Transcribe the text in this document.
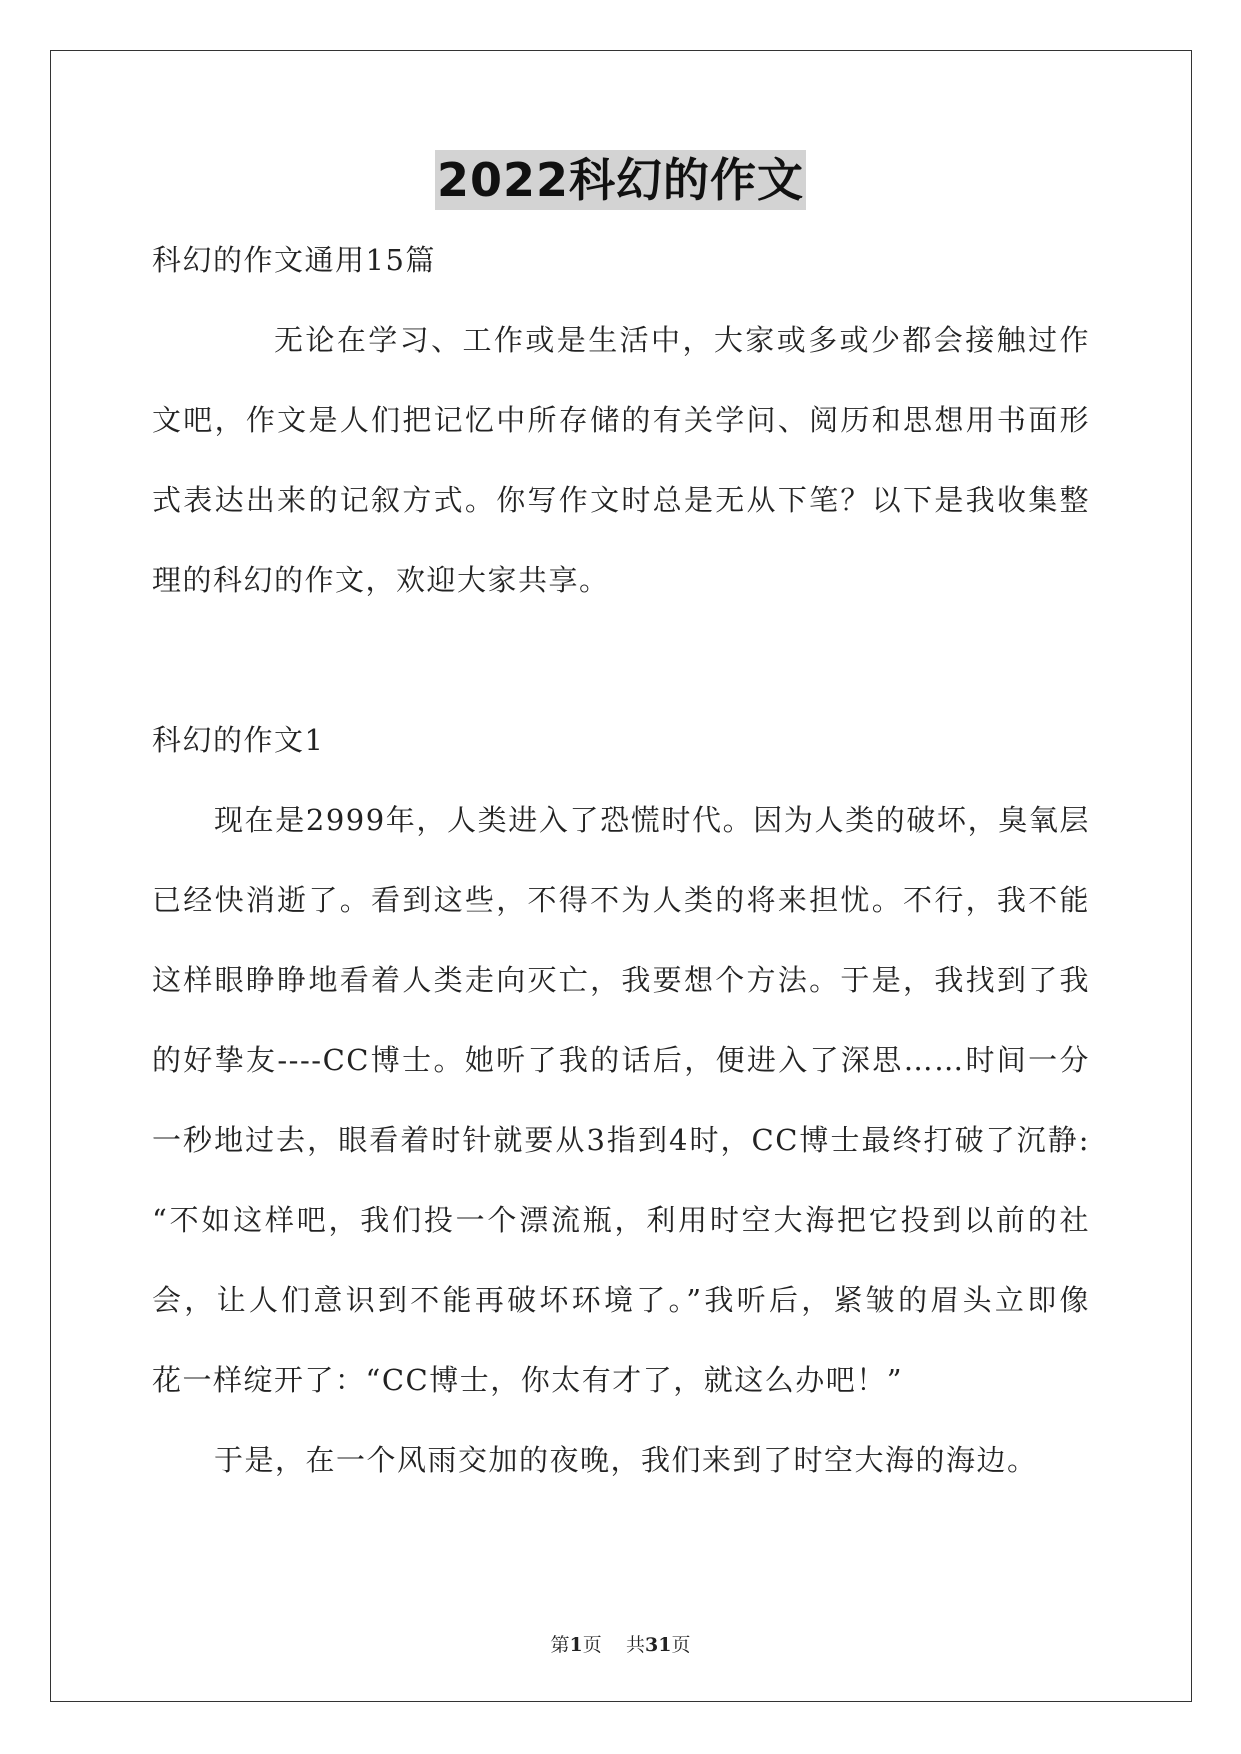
2022科幻的作文
科幻的作文通用15篇
无论在学习、工作或是生活中，大家或多或少都会接触过作
文吧，作文是人们把记忆中所存储的有关学问、阅历和思想用书面形
式表达出来的记叙方式。你写作文时总是无从下笔？以下是我收集整
理的科幻的作文，欢迎大家共享。
科幻的作文1
现在是2999年，人类进入了恐慌时代。因为人类的破坏，臭氧层
已经快消逝了。看到这些，不得不为人类的将来担忧。不行，我不能
这样眼睁睁地看着人类走向灭亡，我要想个方法。于是，我找到了我
的好挚友----CC博士。她听了我的话后，便进入了深思……时间一分
一秒地过去，眼看着时针就要从3指到4时，CC博士最终打破了沉静:
“不如这样吧，我们投一个漂流瓶，利用时空大海把它投到以前的社
会，让人们意识到不能再破坏环境了。”我听后，紧皱的眉头立即像
花一样绽开了：“CC博士，你太有才了，就这么办吧！”
于是，在一个风雨交加的夜晚，我们来到了时空大海的海边。
第1页 共31页
